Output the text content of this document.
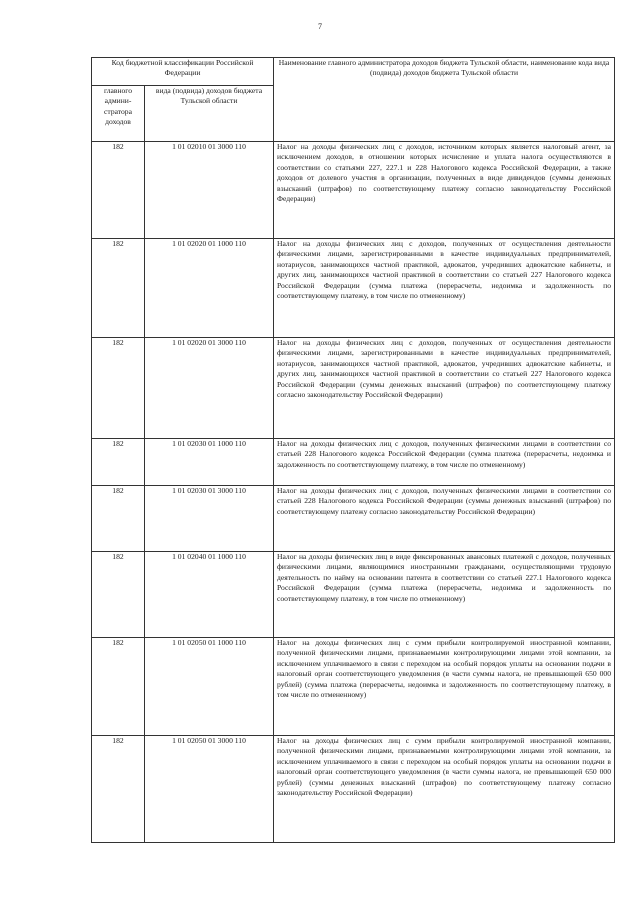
7
Код бюджетной классификации Российской Федерации		Наименование главного администратора доходов бюджета Тульской области, наименование кода вида (подвида) доходов бюджета Тульской области
главного админи-стратора доходов	вида (подвида) доходов бюджета Тульской области	
182	1 01 02010 01 3000 110	Налог на доходы физических лиц с доходов, источником которых является налоговый агент, за исключением доходов, в отношении которых исчисление и уплата налога осуществляются в соответствии со статьями 227, 227.1 и 228 Налогового кодекса Российской Федерации, а также доходов от долевого участия в организации, полученных в виде дивидендов (суммы денежных взысканий (штрафов) по соответствующему платежу согласно законодательству Российской Федерации)
182	1 01 02020 01 1000 110	Налог на доходы физических лиц с доходов, полученных от осуществления деятельности физическими лицами, зарегистрированными в качестве индивидуальных предпринимателей, нотариусов, занимающихся частной практикой, адвокатов, учредивших адвокатские кабинеты, и других лиц, занимающихся частной практикой в соответствии со статьей 227 Налогового кодекса Российской Федерации (сумма платежа (перерасчеты, недоимка и задолженность по соответствующему платежу, в том числе по отмененному)
182	1 01 02020 01 3000 110	Налог на доходы физических лиц с доходов, полученных от осуществления деятельности физическими лицами, зарегистрированными в качестве индивидуальных предпринимателей, нотариусов, занимающихся частной практикой, адвокатов, учредивших адвокатские кабинеты, и других лиц, занимающихся частной практикой в соответствии со статьей 227 Налогового кодекса Российской Федерации (суммы денежных взысканий (штрафов) по соответствующему платежу согласно законодательству Российской Федерации)
182	1 01 02030 01 1000 110	Налог на доходы физических лиц с доходов, полученных физическими лицами в соответствии со статьей 228 Налогового кодекса Российской Федерации (сумма платежа (перерасчеты, недоимка и задолженность по соответствующему платежу, в том числе по отмененному)
182	1 01 02030 01 3000 110	Налог на доходы физических лиц с доходов, полученных физическими лицами в соответствии со статьей 228 Налогового кодекса Российской Федерации (суммы денежных взысканий (штрафов) по соответствующему платежу согласно законодательству Российской Федерации)
182	1 01 02040 01 1000 110	Налог на доходы физических лиц в виде фиксированных авансовых платежей с доходов, полученных физическими лицами, являющимися иностранными гражданами, осуществляющими трудовую деятельность по найму на основании патента в соответствии со статьей 227.1 Налогового кодекса Российской Федерации (сумма платежа (перерасчеты, недоимка и задолженность по соответствующему платежу, в том числе по отмененному)
182	1 01 02050 01 1000 110	Налог на доходы физических лиц с сумм прибыли контролируемой иностранной компании, полученной физическими лицами, признаваемыми контролирующими лицами этой компании, за исключением уплачиваемого в связи с переходом на особый порядок уплаты на основании подачи в налоговый орган соответствующего уведомления (в части суммы налога, не превышающей 650 000 рублей) (сумма платежа (перерасчеты, недоимка и задолженность по соответствующему платежу, в том числе по отмененному)
182	1 01 02050 01 3000 110	Налог на доходы физических лиц с сумм прибыли контролируемой иностранной компании, полученной физическими лицами, признаваемыми контролирующими лицами этой компании, за исключением уплачиваемого в связи с переходом на особый порядок уплаты на основании подачи в налоговый орган соответствующего уведомления (в части суммы налога, не превышающей 650 000 рублей) (суммы денежных взысканий (штрафов) по соответствующему платежу согласно законодательству Российской Федерации)
